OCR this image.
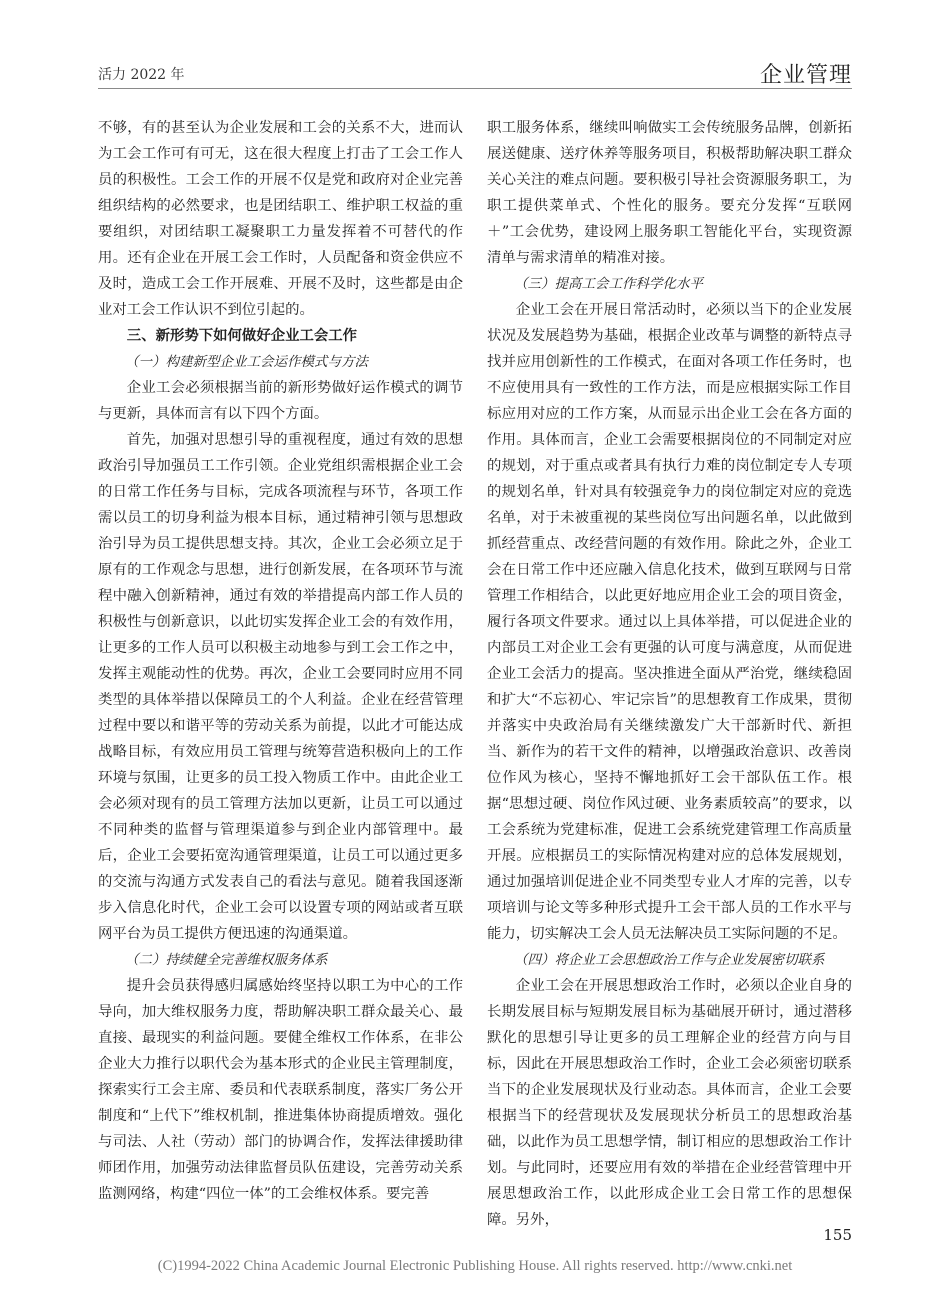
活力 2022 年	企业管理

不够，有的甚至认为企业发展和工会的关系不大，进而认为工会工作可有可无，这在很大程度上打击了工会工作人员的积极性。工会工作的开展不仅是党和政府对企业完善组织结构的必然要求，也是团结职工、维护职工权益的重要组织，对团结职工凝聚职工力量发挥着不可替代的作用。还有企业在开展工会工作时，人员配备和资金供应不及时，造成工会工作开展难、开展不及时，这些都是由企业对工会工作认识不到位引起的。

三、新形势下如何做好企业工会工作
（一）构建新型企业工会运作模式与方法

企业工会必须根据当前的新形势做好运作模式的调节与更新，具体而言有以下四个方面。

首先，加强对思想引导的重视程度，通过有效的思想政治引导加强员工工作引领。企业党组织需根据企业工会的日常工作任务与目标，完成各项流程与环节，各项工作需以员工的切身利益为根本目标，通过精神引领与思想政治引导为员工提供思想支持。其次，企业工会必须立足于原有的工作观念与思想，进行创新发展，在各项环节与流程中融入创新精神，通过有效的举措提高内部工作人员的积极性与创新意识，以此切实发挥企业工会的有效作用，让更多的工作人员可以积极主动地参与到工会工作之中，发挥主观能动性的优势。再次，企业工会要同时应用不同类型的具体举措以保障员工的个人利益。企业在经营管理过程中要以和谐平等的劳动关系为前提，以此才可能达成战略目标，有效应用员工管理与统筹营造积极向上的工作环境与氛围，让更多的员工投入物质工作中。由此企业工会必须对现有的员工管理方法加以更新，让员工可以通过不同种类的监督与管理渠道参与到企业内部管理中。最后，企业工会要拓宽沟通管理渠道，让员工可以通过更多的交流与沟通方式发表自己的看法与意见。随着我国逐渐步入信息化时代，企业工会可以设置专项的网站或者互联网平台为员工提供方便迅速的沟通渠道。

（二）持续健全完善维权服务体系

提升会员获得感归属感始终坚持以职工为中心的工作导向，加大维权服务力度，帮助解决职工群众最关心、最直接、最现实的利益问题。要健全维权工作体系，在非公企业大力推行以职代会为基本形式的企业民主管理制度，探索实行工会主席、委员和代表联系制度，落实厂务公开制度和“上代下”维权机制，推进集体协商提质增效。强化与司法、人社（劳动）部门的协调合作，发挥法律援助律师团作用，加强劳动法律监督员队伍建设，完善劳动关系监测网络，构建“四位一体”的工会维权体系。要完善

职工服务体系，继续叫响做实工会传统服务品牌，创新拓展送健康、送疗休养等服务项目，积极帮助解决职工群众关心关注的难点问题。要积极引导社会资源服务职工，为职工提供菜单式、个性化的服务。要充分发挥“互联网＋”工会优势，建设网上服务职工智能化平台，实现资源清单与需求清单的精准对接。

（三）提高工会工作科学化水平

企业工会在开展日常活动时，必须以当下的企业发展状况及发展趋势为基础，根据企业改革与调整的新特点寻找并应用创新性的工作模式，在面对各项工作任务时，也不应使用具有一致性的工作方法，而是应根据实际工作目标应用对应的工作方案，从而显示出企业工会在各方面的作用。具体而言，企业工会需要根据岗位的不同制定对应的规划，对于重点或者具有执行力难的岗位制定专人专项的规划名单，针对具有较强竞争力的岗位制定对应的竞选名单，对于未被重视的某些岗位写出问题名单，以此做到抓经营重点、改经营问题的有效作用。除此之外，企业工会在日常工作中还应融入信息化技术，做到互联网与日常管理工作相结合，以此更好地应用企业工会的项目资金，履行各项文件要求。通过以上具体举措，可以促进企业的内部员工对企业工会有更强的认可度与满意度，从而促进企业工会活力的提高。坚决推进全面从严治党，继续稳固和扩大“不忘初心、牢记宗旨”的思想教育工作成果，贯彻并落实中央政治局有关继续激发广大干部新时代、新担当、新作为的若干文件的精神，以增强政治意识、改善岗位作风为核心，坚持不懈地抓好工会干部队伍工作。根据“思想过硬、岗位作风过硬、业务素质较高”的要求，以工会系统为党建标准，促进工会系统党建管理工作高质量开展。应根据员工的实际情况构建对应的总体发展规划，通过加强培训促进企业不同类型专业人才库的完善，以专项培训与论文等多种形式提升工会干部人员的工作水平与能力，切实解决工会人员无法解决员工实际问题的不足。

（四）将企业工会思想政治工作与企业发展密切联系

企业工会在开展思想政治工作时，必须以企业自身的长期发展目标与短期发展目标为基础展开研讨，通过潜移默化的思想引导让更多的员工理解企业的经营方向与目标，因此在开展思想政治工作时，企业工会必须密切联系当下的企业发展现状及行业动态。具体而言，企业工会要根据当下的经营现状及发展现状分析员工的思想政治基础，以此作为员工思想学情，制订相应的思想政治工作计划。与此同时，还要应用有效的举措在企业经营管理中开展思想政治工作，以此形成企业工会日常工作的思想保障。另外，

155
(C)1994-2022 China Academic Journal Electronic Publishing House. All rights reserved. http://www.cnki.net
